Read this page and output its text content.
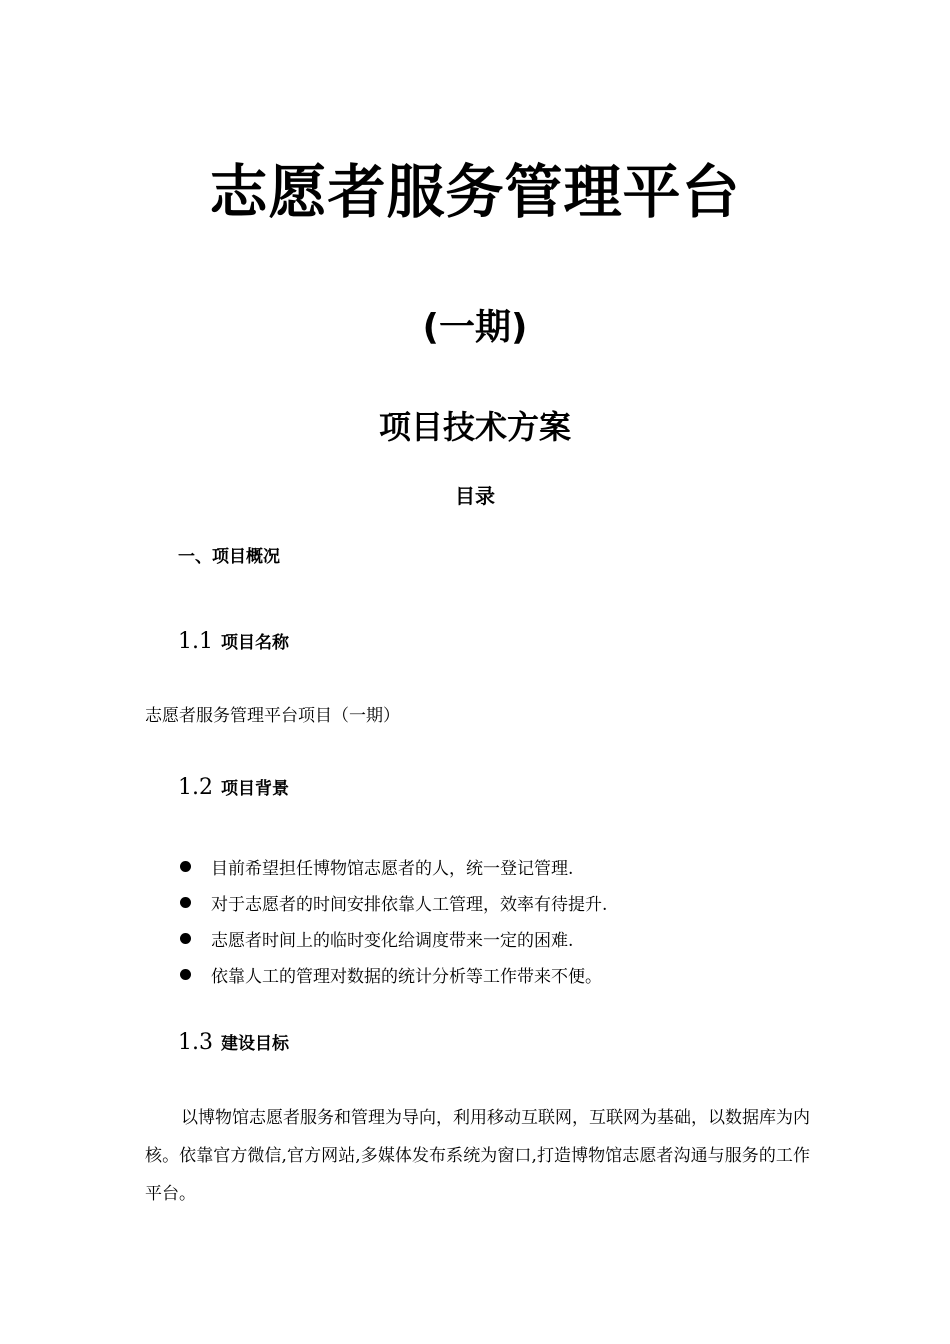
志愿者服务管理平台
(一期)
项目技术方案
目录
一、项目概况
1.1 项目名称
志愿者服务管理平台项目（一期）
1.2 项目背景
目前希望担任博物馆志愿者的人，统一登记管理.
对于志愿者的时间安排依靠人工管理，效率有待提升.
志愿者时间上的临时变化给调度带来一定的困难.
依靠人工的管理对数据的统计分析等工作带来不便。
1.3 建设目标

以博物馆志愿者服务和管理为导向，利用移动互联网，互联网为基础，以数据库为内核。依靠官方微信,官方网站,多媒体发布系统为窗口,打造博物馆志愿者沟通与服务的工作平台。
